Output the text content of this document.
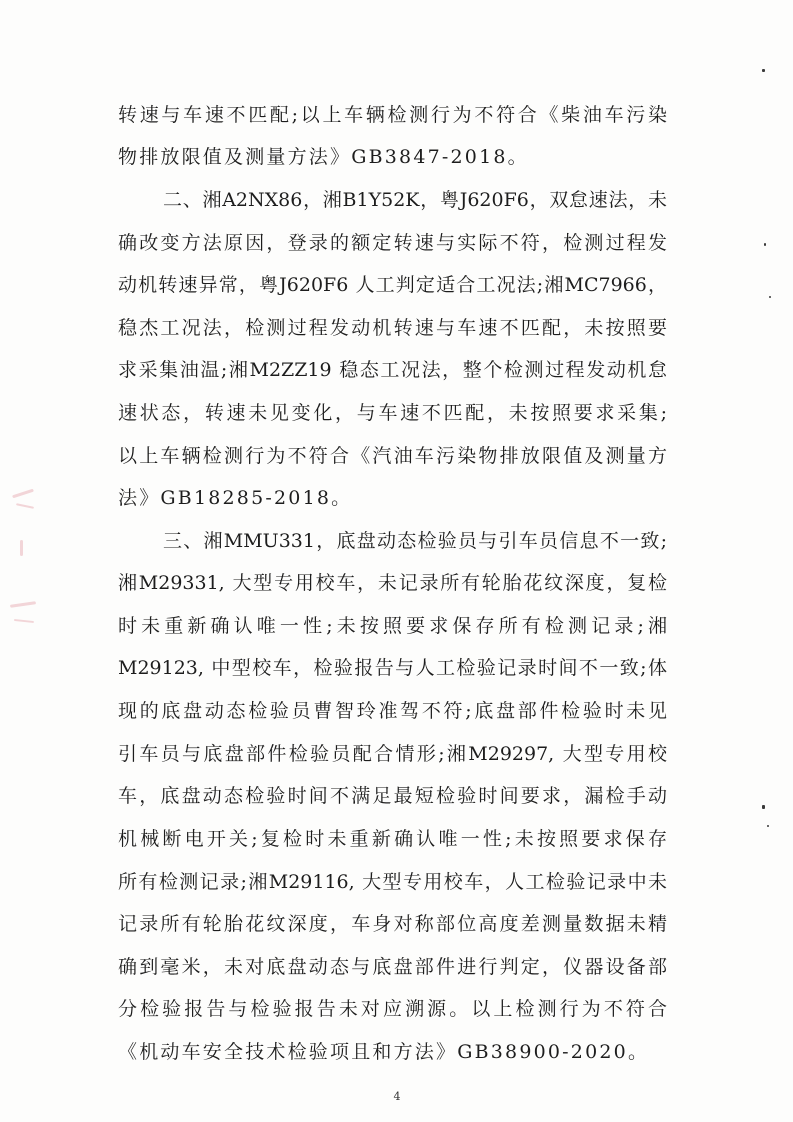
转速与车速不匹配;以上车辆检测行为不符合《柴油车污染
物排放限值及测量方法》GB3847-2018。
二、湘A2NX86，湘B1Y52K，粤J620F6，双怠速法，未
确改变方法原因，登录的额定转速与实际不符，检测过程发
动机转速异常，粤J620F6 人工判定适合工况法;湘MC7966，
稳杰工况法，检测过程发动机转速与车速不匹配，未按照要
求采集油温;湘M2ZZ19 稳态工况法，整个检测过程发动机怠
速状态，转速未见变化，与车速不匹配，未按照要求采集;
以上车辆检测行为不符合《汽油车污染物排放限值及测量方
法》GB18285-2018。
三、湘MMU331，底盘动态检验员与引车员信息不一致;
湘M29331, 大型专用校车，未记录所有轮胎花纹深度，复检
时未重新确认唯一性;未按照要求保存所有检测记录;湘
M29123, 中型校车，检验报告与人工检验记录时间不一致;体
现的底盘动态检验员曹智玲准驾不符;底盘部件检验时未见
引车员与底盘部件检验员配合情形;湘M29297, 大型专用校
车，底盘动态检验时间不满足最短检验时间要求，漏检手动
机械断电开关;复检时未重新确认唯一性;未按照要求保存
所有检测记录;湘M29116, 大型专用校车，人工检验记录中未
记录所有轮胎花纹深度，车身对称部位高度差测量数据未精
确到毫米，未对底盘动态与底盘部件进行判定，仪器设备部
分检验报告与检验报告未对应溯源。以上检测行为不符合
《机动车安全技术检验项且和方法》GB38900-2020。
4
